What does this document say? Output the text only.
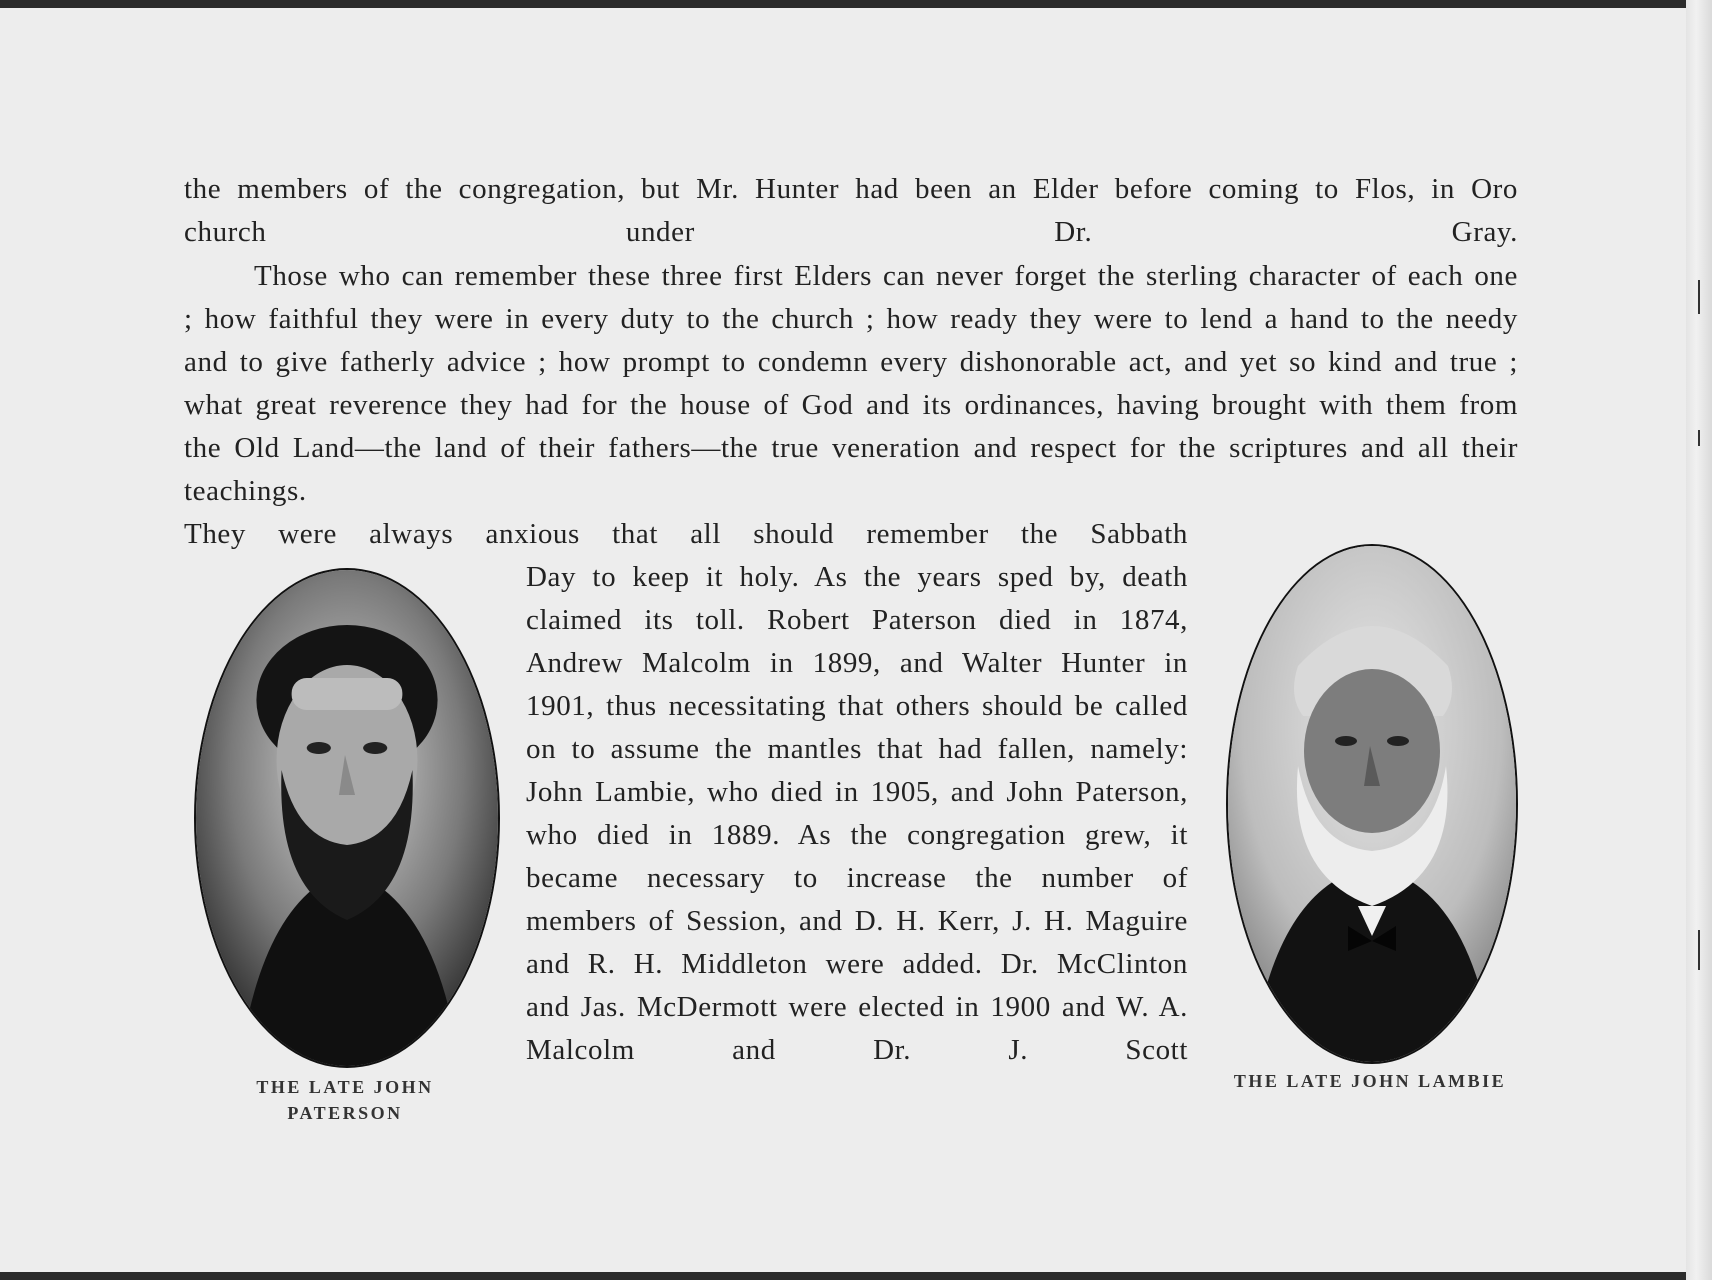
the members of the congregation, but Mr. Hunter had been an Elder before coming to Flos, in Oro church under Dr. Gray.

Those who can remember these three first Elders can never forget the sterling character of each one ; how faithful they were in every duty to the church ; how ready they were to lend a hand to the needy and to give fatherly advice ; how prompt to condemn every dishonorable act, and yet so kind and true ; what great reverence they had for the house of God and its ordinances, having brought with them from the Old Land—the land of their fathers—the true veneration and respect for the scriptures and all their teachings.

They were always anxious that all should remember the Sabbath

Day to keep it holy. As the years sped by, death claimed its toll. Robert Paterson died in 1874, Andrew Malcolm in 1899, and Walter Hunter in 1901, thus necessitating that others should be called on to assume the mantles that had fallen, namely: John Lambie, who died in 1905, and John Paterson, who died in 1889. As the congregation grew, it became necessary to increase the number of members of Session, and D. H. Kerr, J. H. Maguire and R. H. Middleton were added. Dr. McClinton and Jas. McDermott were elected in 1900 and W. A. Malcolm and Dr. J. Scott

THE LATE JOHN PATERSON

THE LATE JOHN LAMBIE
